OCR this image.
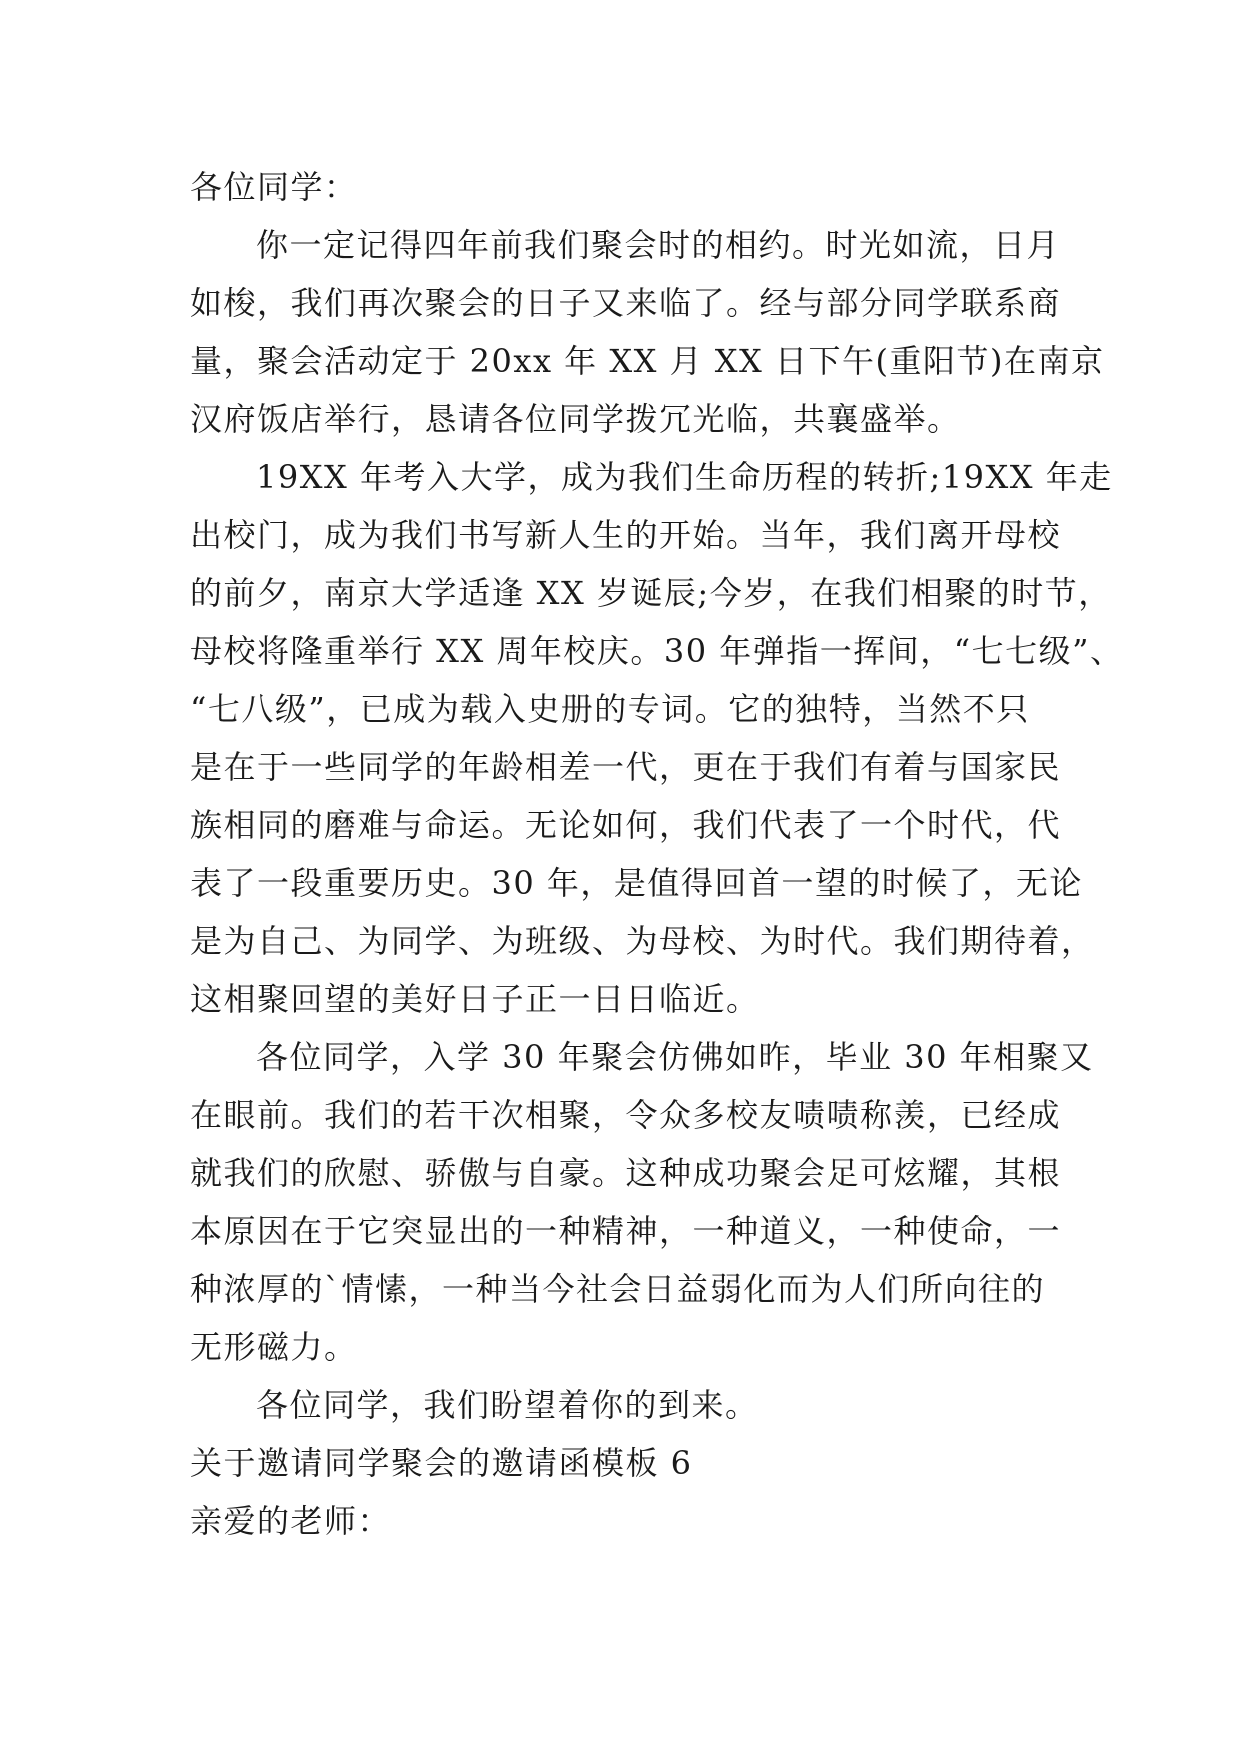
各位同学：
你一定记得四年前我们聚会时的相约。时光如流，日月
如梭，我们再次聚会的日子又来临了。经与部分同学联系商
量，聚会活动定于 20xx 年 XX 月 XX 日下午(重阳节)在南京
汉府饭店举行，恳请各位同学拨冗光临，共襄盛举。
19XX 年考入大学，成为我们生命历程的转折;19XX 年走
出校门，成为我们书写新人生的开始。当年，我们离开母校
的前夕，南京大学适逢 XX 岁诞辰;今岁，在我们相聚的时节，
母校将隆重举行 XX 周年校庆。30 年弹指一挥间，“七七级”、
“七八级”，已成为载入史册的专词。它的独特，当然不只
是在于一些同学的年龄相差一代，更在于我们有着与国家民
族相同的磨难与命运。无论如何，我们代表了一个时代，代
表了一段重要历史。30 年，是值得回首一望的时候了，无论
是为自己、为同学、为班级、为母校、为时代。我们期待着，
这相聚回望的美好日子正一日日临近。
各位同学，入学 30 年聚会仿佛如昨，毕业 30 年相聚又
在眼前。我们的若干次相聚，令众多校友啧啧称羡，已经成
就我们的欣慰、骄傲与自豪。这种成功聚会足可炫耀，其根
本原因在于它突显出的一种精神，一种道义，一种使命，一
种浓厚的`情愫，一种当今社会日益弱化而为人们所向往的
无形磁力。
各位同学，我们盼望着你的到来。
关于邀请同学聚会的邀请函模板 6
亲爱的老师：
